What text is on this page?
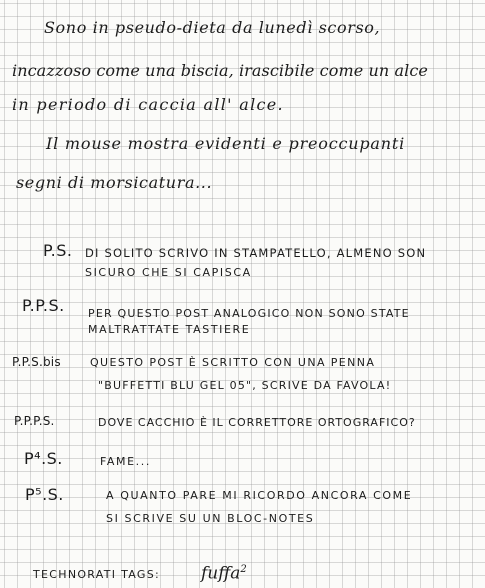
Sono in pseudo-dieta da lunedì scorso,
incazzoso come una biscia, irascibile come un alce
in periodo di caccia all' alce.
Il mouse mostra evidenti e preoccupanti
segni di morsicatura...
P.S. DI SOLITO SCRIVO IN STAMPATELLO, ALMENO SON
SICURO CHE SI CAPISCA
P.P.S. PER QUESTO POST ANALOGICO NON SONO STATE
MALTRATTATE TASTIERE
P.P.S.bis	QUESTO POST È SCRITTO CON UNA PENNA
"BUFFETTI BLU GEL 05", SCRIVE DA FAVOLA!
P.P.P.S.	DOVE CACCHIO È IL CORRETTORE ORTOGRAFICO?
P⁴.S.	FAME...
P⁵.S.	A QUANTO PARE MI RICORDO ANCORA COME
SI SCRIVE SU UN BLOC-NOTES
TECHNORATI TAGS: fuffa$^2$
